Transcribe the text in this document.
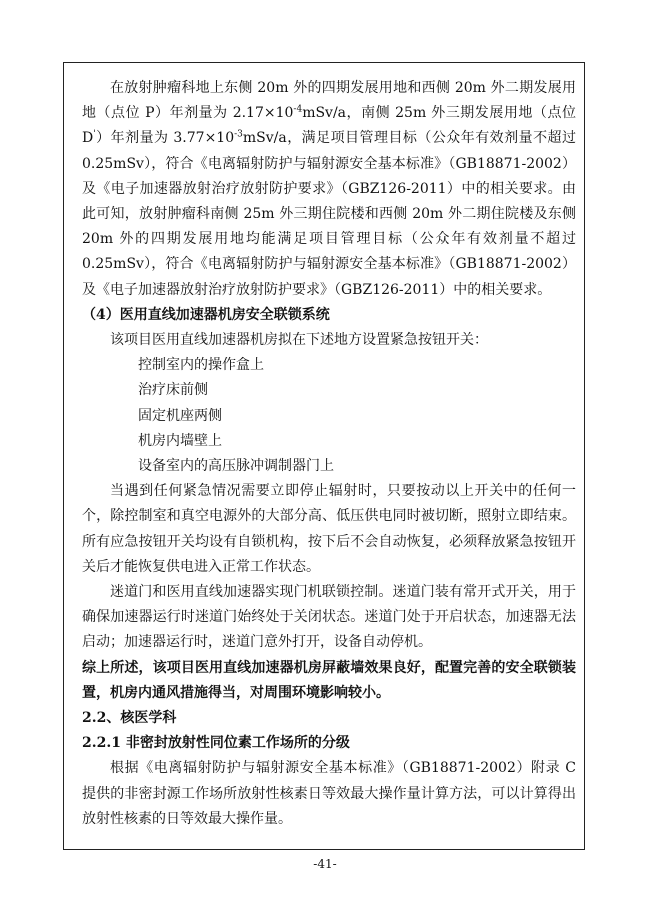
在放射肿瘤科地上东侧 20m 外的四期发展用地和西侧 20m 外二期发展用地（点位 P）年剂量为 $2.17\times 10^{-4}mSv/a$，南侧 25m 外三期发展用地（点位 D'）年剂量为 $3.77\times 10^{-3}mSv/a$，满足项目管理目标（公众年有效剂量不超过 0.25mSv），符合《电离辐射防护与辐射源安全基本标准》（GB18871-2002）及《电子加速器放射治疗放射防护要求》（GBZ126-2011）中的相关要求。由此可知，放射肿瘤科南侧 25m 外三期住院楼和西侧 20m 外二期住院楼及东侧 20m 外的四期发展用地均能满足项目管理目标（公众年有效剂量不超过 0.25mSv），符合《电离辐射防护与辐射源安全基本标准》（GB18871-2002）及《电子加速器放射治疗放射防护要求》（GBZ126-2011）中的相关要求。

（4）医用直线加速器机房安全联锁系统

该项目医用直线加速器机房拟在下述地方设置紧急按钮开关：

控制室内的操作盒上

治疗床前侧

固定机座两侧

机房内墙壁上

设备室内的高压脉冲调制器门上

当遇到任何紧急情况需要立即停止辐射时，只要按动以上开关中的任何一个，除控制室和真空电源外的大部分高、低压供电同时被切断，照射立即结束。所有应急按钮开关均设有自锁机构，按下后不会自动恢复，必须释放紧急按钮开关后才能恢复供电进入正常工作状态。

迷道门和医用直线加速器实现门机联锁控制。迷道门装有常开式开关，用于确保加速器运行时迷道门始终处于关闭状态。迷道门处于开启状态，加速器无法启动；加速器运行时，迷道门意外打开，设备自动停机。

综上所述，该项目医用直线加速器机房屏蔽墙效果良好，配置完善的安全联锁装置，机房内通风措施得当，对周围环境影响较小。

2.2、核医学科

2.2.1 非密封放射性同位素工作场所的分级

根据《电离辐射防护与辐射源安全基本标准》（GB18871-2002）附录 C 提供的非密封源工作场所放射性核素日等效最大操作量计算方法，可以计算得出放射性核素的日等效最大操作量。

-41-
